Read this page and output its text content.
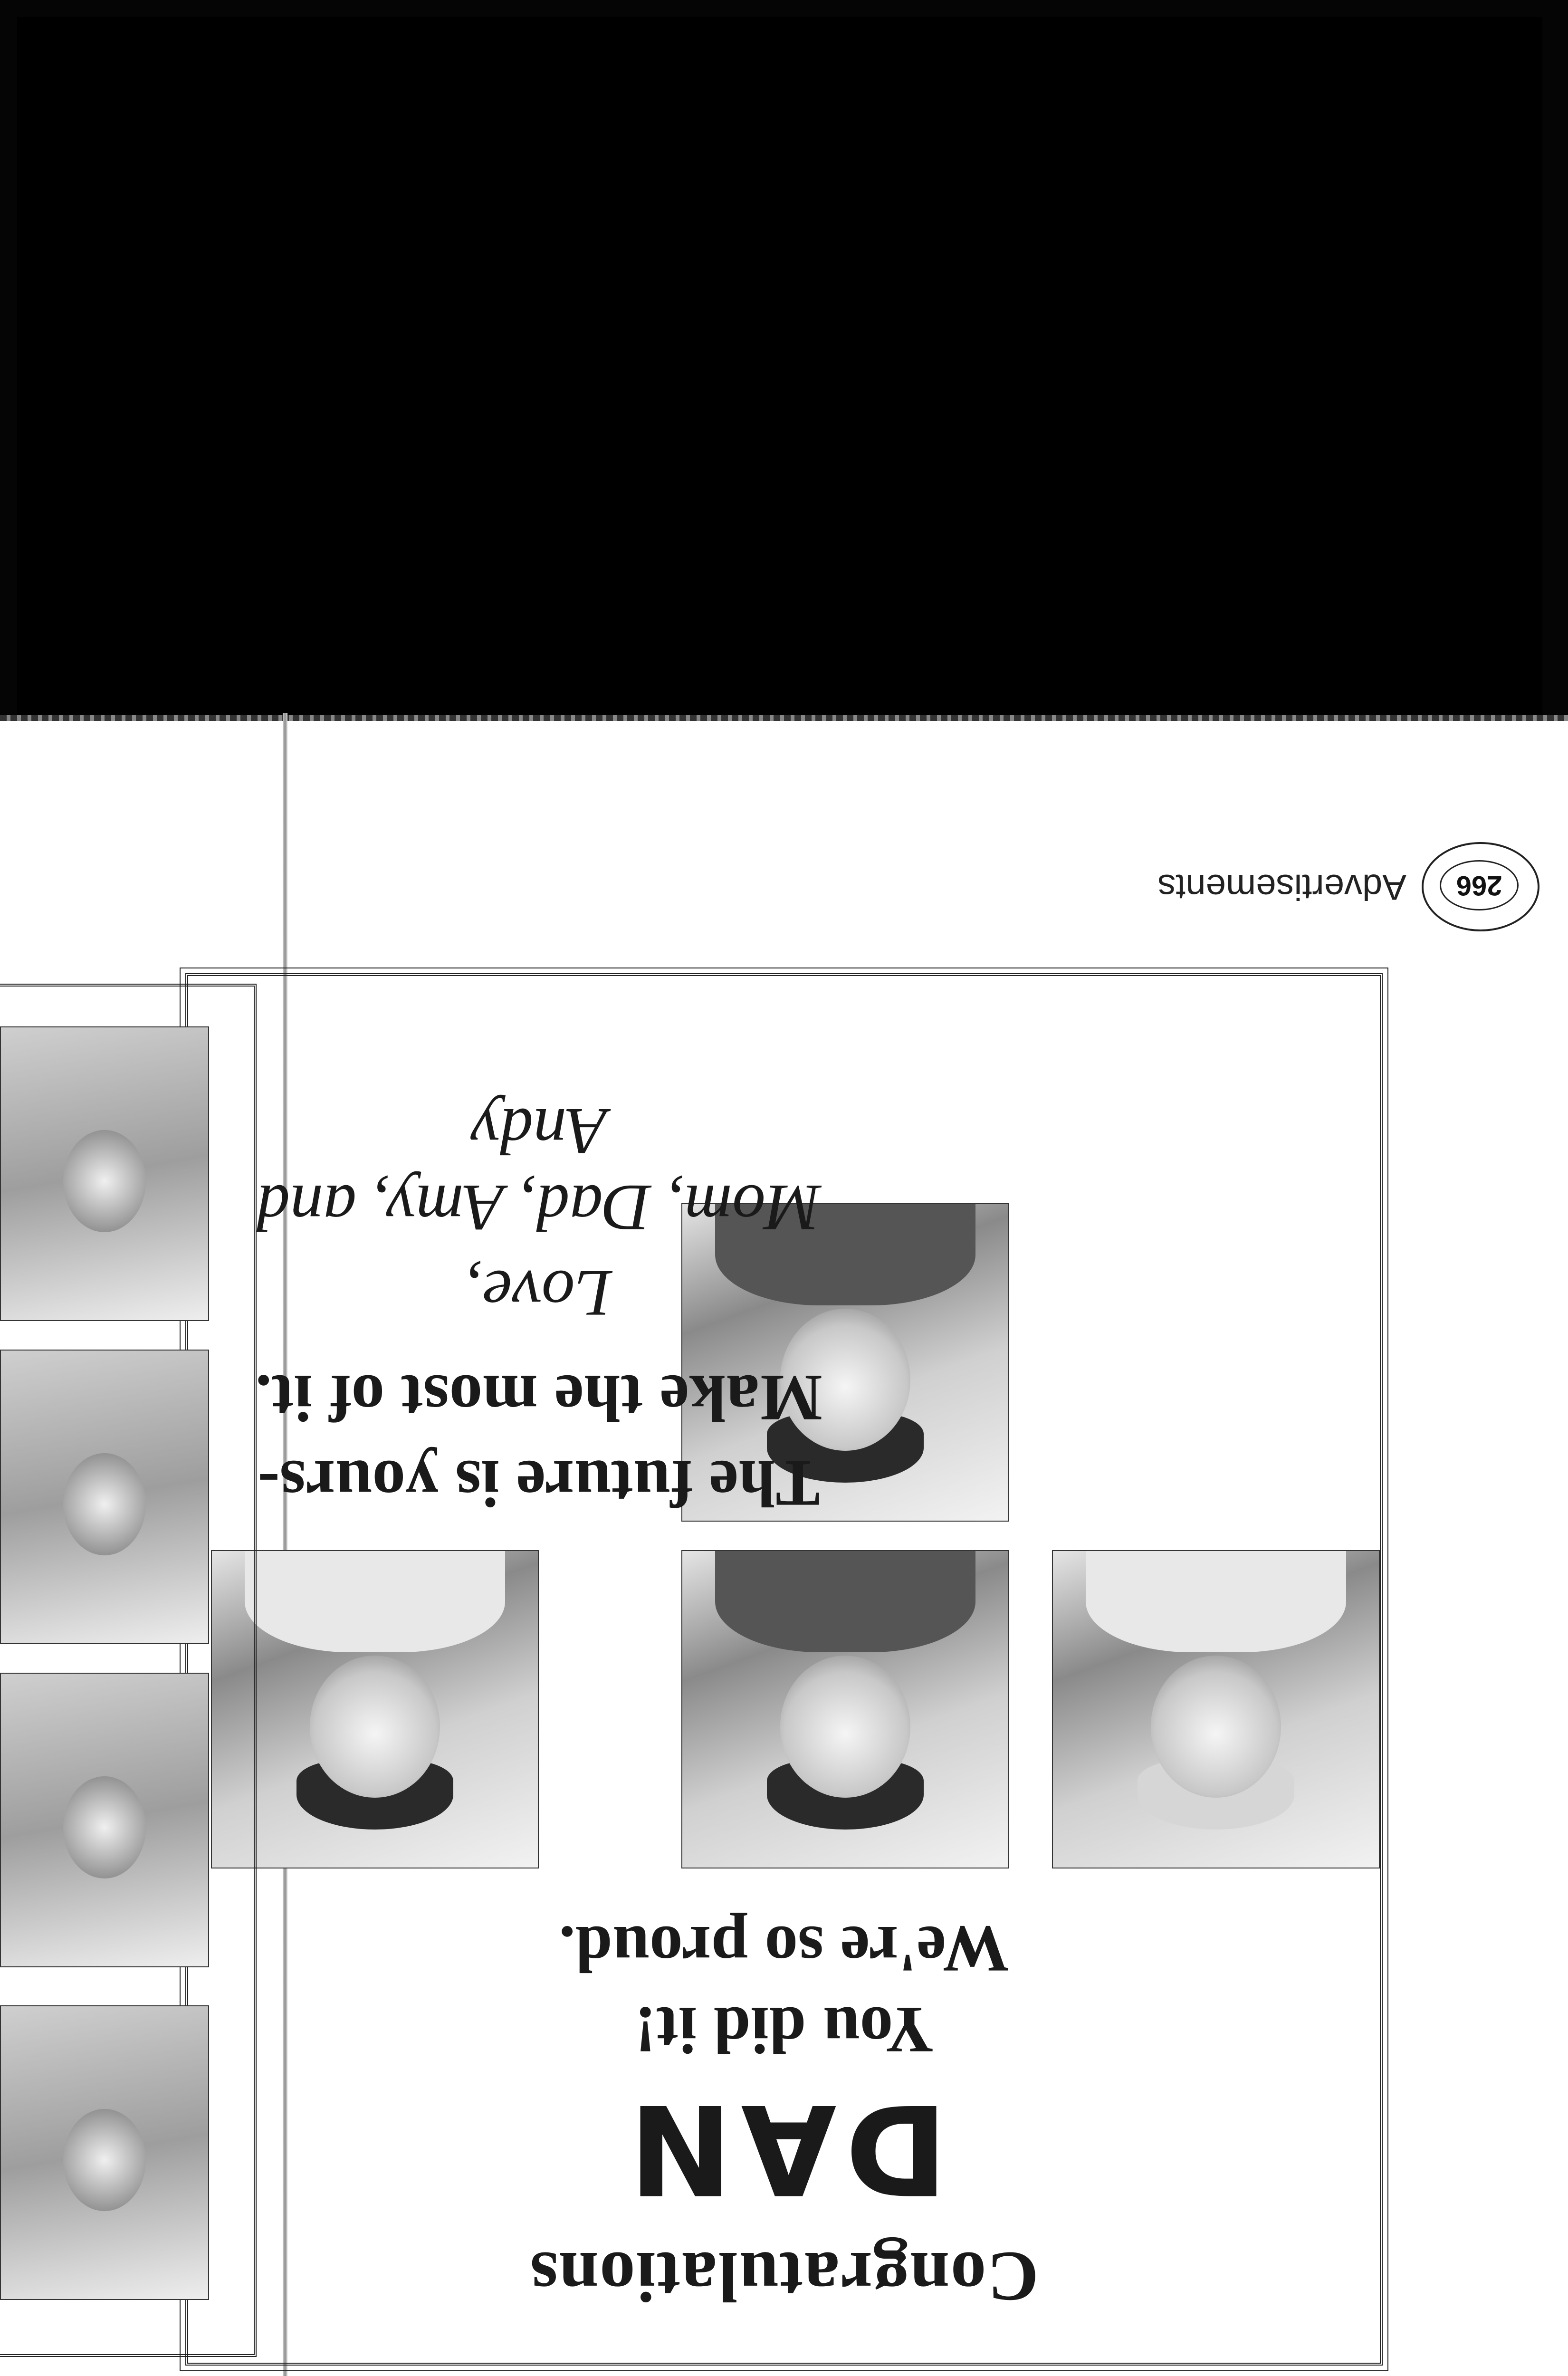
Congratulations
DAN
You did it!
We're so proud.
The future is yours-
Make the most of it.
Love,
Mom, Dad, Amy, and Andy
266
Advertisements
